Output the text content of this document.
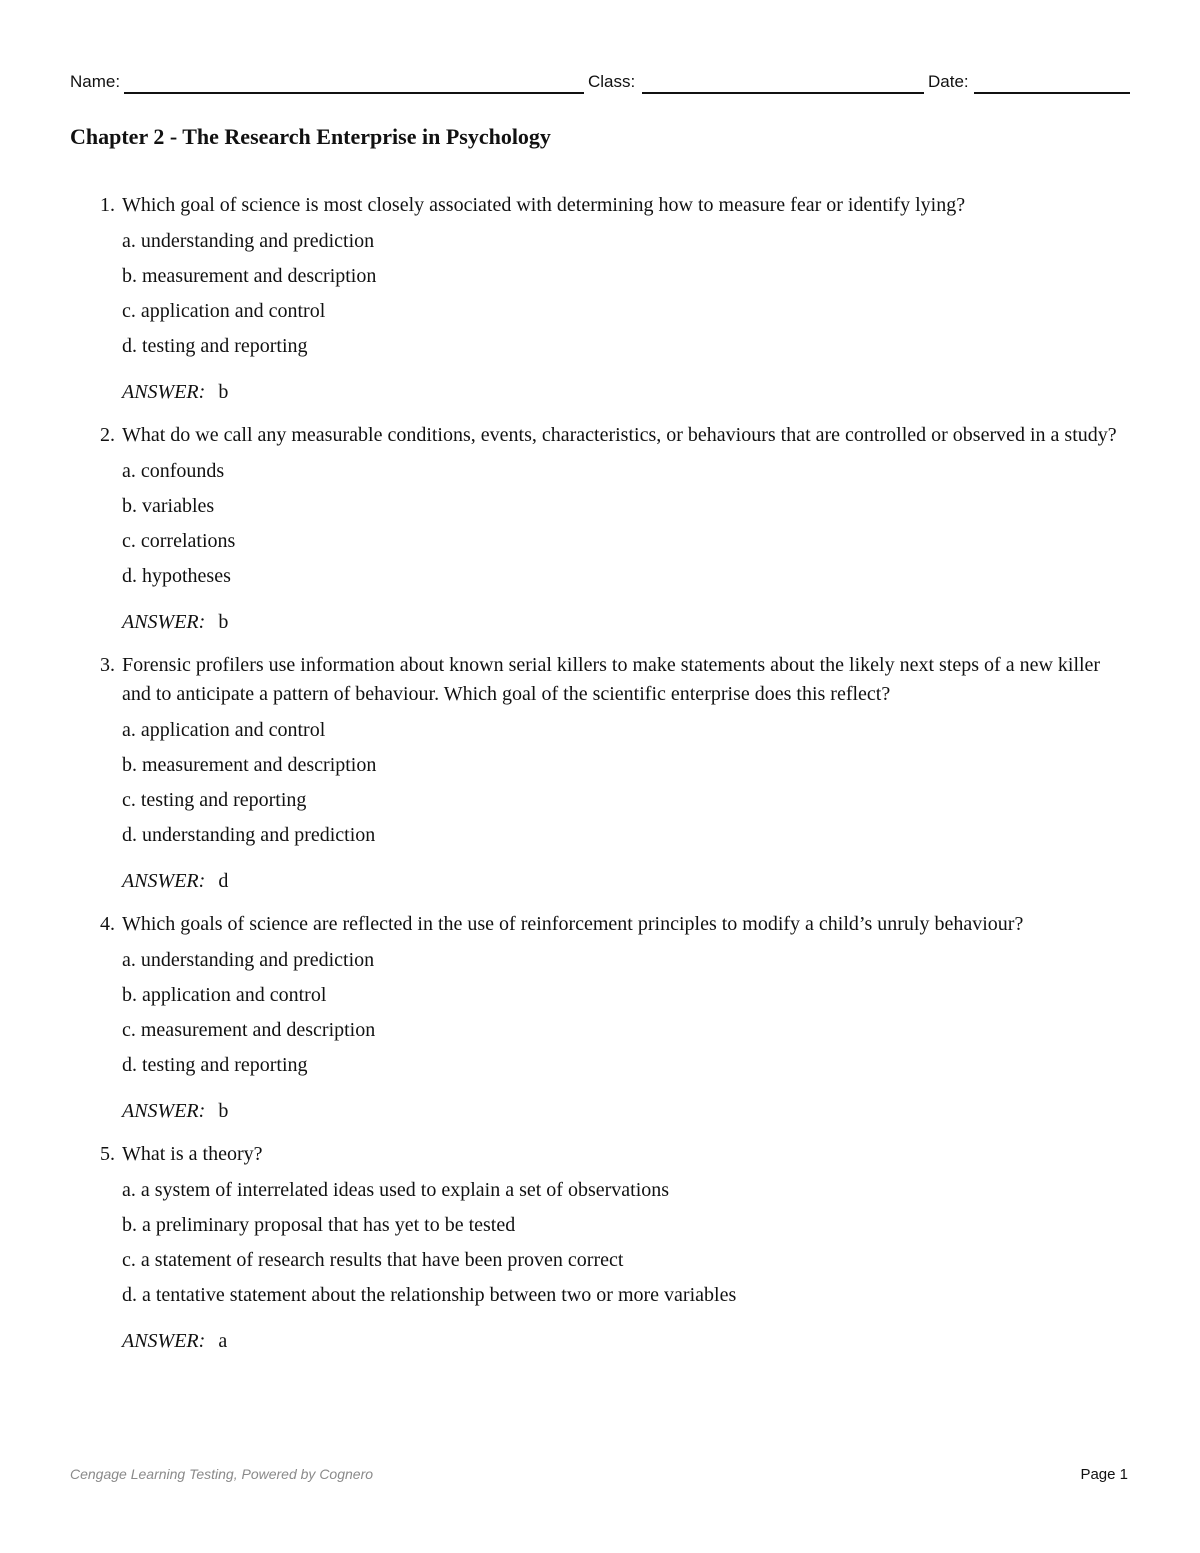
Name:	Class:	Date:
Chapter 2 - The Research Enterprise in Psychology
1. Which goal of science is most closely associated with determining how to measure fear or identify lying?
a. understanding and prediction
b. measurement and description
c. application and control
d. testing and reporting
ANSWER: b
2. What do we call any measurable conditions, events, characteristics, or behaviours that are controlled or observed in a study?
a. confounds
b. variables
c. correlations
d. hypotheses
ANSWER: b
3. Forensic profilers use information about known serial killers to make statements about the likely next steps of a new killer and to anticipate a pattern of behaviour. Which goal of the scientific enterprise does this reflect?
a. application and control
b. measurement and description
c. testing and reporting
d. understanding and prediction
ANSWER: d
4. Which goals of science are reflected in the use of reinforcement principles to modify a child’s unruly behaviour?
a. understanding and prediction
b. application and control
c. measurement and description
d. testing and reporting
ANSWER: b
5. What is a theory?
a. a system of interrelated ideas used to explain a set of observations
b. a preliminary proposal that has yet to be tested
c. a statement of research results that have been proven correct
d. a tentative statement about the relationship between two or more variables
ANSWER: a
Cengage Learning Testing, Powered by Cognero	Page 1
